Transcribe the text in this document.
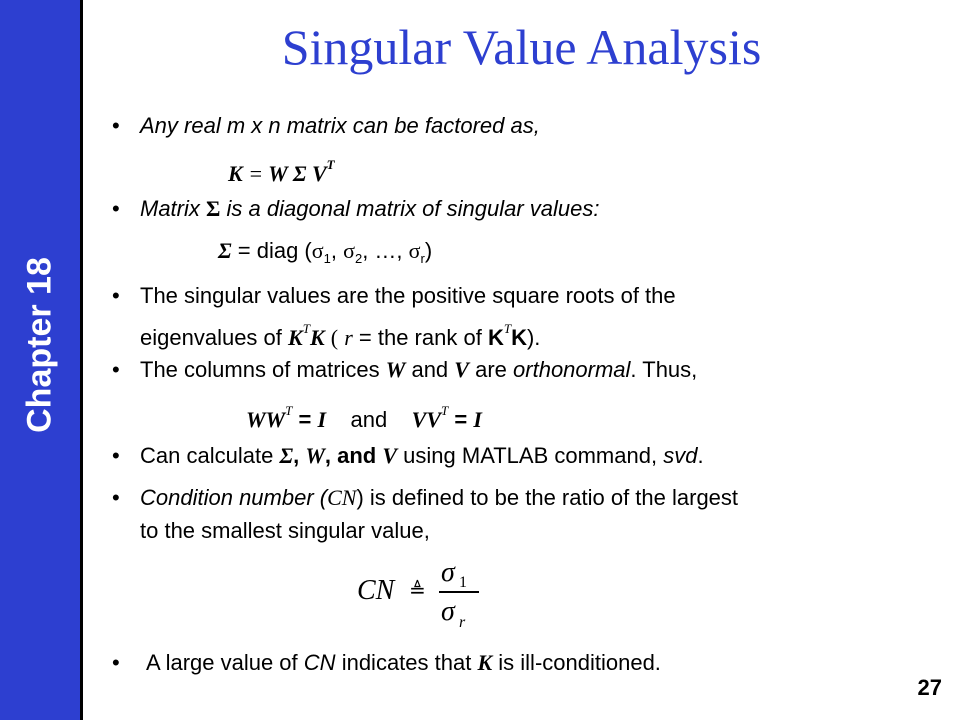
Chapter 18
Singular Value Analysis
• Any real m x n matrix can be factored as,
K = W Σ $V^T$
• Matrix Σ is a diagonal matrix of singular values:
Σ = diag ($\sigma_1$, $\sigma_2$, …, $\sigma_r$)
• The singular values are the positive square roots of the
eigenvalues of $K^TK$ ( r = the rank of $K^TK$).
• The columns of matrices W and V are orthonormal. Thus,
$WW^T = I$ and $VV^T = I$
• Can calculate Σ, W, and V using MATLAB command, svd.
• Condition number (CN) is defined to be the ratio of the largest
to the smallest singular value,
CN ≜
σ 1
σ r
• A large value of CN indicates that K is ill-conditioned.
27
